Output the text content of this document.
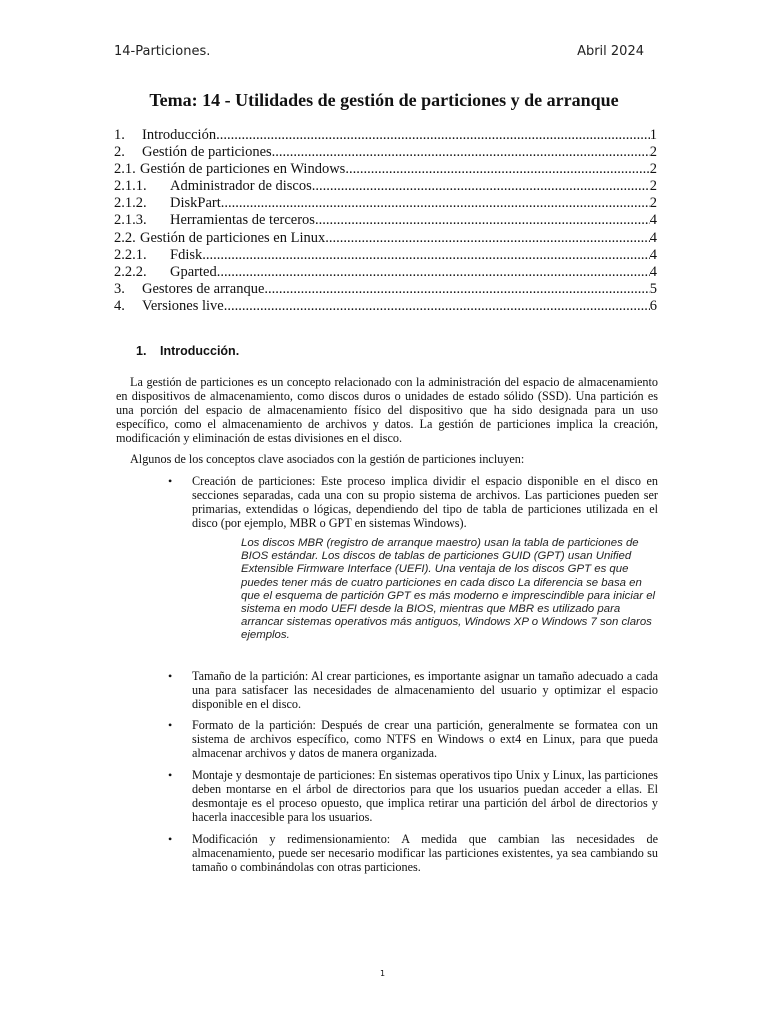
14-Particiones.	Abril 2024
Tema: 14 - Utilidades de gestión de particiones y de arranque
1.	Introducción .....	1
2.	Gestión de particiones .....	2
2.1. Gestión de particiones en Windows .....	2
2.1.1.	Administrador de discos .....	2
2.1.2.	DiskPart .....	2
2.1.3.	Herramientas de terceros .....	4
2.2. Gestión de particiones en Linux .....	4
2.2.1.	Fdisk .....	4
2.2.2.	Gparted .....	4
3.	Gestores de arranque .....	5
4.	Versiones live .....	6
1. Introducción.
La gestión de particiones es un concepto relacionado con la administración del espacio de almacenamiento en dispositivos de almacenamiento, como discos duros o unidades de estado sólido (SSD). Una partición es una porción del espacio de almacenamiento físico del dispositivo que ha sido designada para un uso específico, como el almacenamiento de archivos y datos. La gestión de particiones implica la creación, modificación y eliminación de estas divisiones en el disco.
Algunos de los conceptos clave asociados con la gestión de particiones incluyen:
•	Creación de particiones: Este proceso implica dividir el espacio disponible en el disco en secciones separadas, cada una con su propio sistema de archivos. Las particiones pueden ser primarias, extendidas o lógicas, dependiendo del tipo de tabla de particiones utilizada en el disco (por ejemplo, MBR o GPT en sistemas Windows).
Los discos MBR (registro de arranque maestro) usan la tabla de particiones de BIOS estándar. Los discos de tablas de particiones GUID (GPT) usan Unified Extensible Firmware Interface (UEFI). Una ventaja de los discos GPT es que puedes tener más de cuatro particiones en cada disco La diferencia se basa en que el esquema de partición GPT es más moderno e imprescindible para iniciar el sistema en modo UEFI desde la BIOS, mientras que MBR es utilizado para arrancar sistemas operativos más antiguos, Windows XP o Windows 7 son claros ejemplos.
•	Tamaño de la partición: Al crear particiones, es importante asignar un tamaño adecuado a cada una para satisfacer las necesidades de almacenamiento del usuario y optimizar el espacio disponible en el disco.
•	Formato de la partición: Después de crear una partición, generalmente se formatea con un sistema de archivos específico, como NTFS en Windows o ext4 en Linux, para que pueda almacenar archivos y datos de manera organizada.
•	Montaje y desmontaje de particiones: En sistemas operativos tipo Unix y Linux, las particiones deben montarse en el árbol de directorios para que los usuarios puedan acceder a ellas. El desmontaje es el proceso opuesto, que implica retirar una partición del árbol de directorios y hacerla inaccesible para los usuarios.
•	Modificación y redimensionamiento: A medida que cambian las necesidades de almacenamiento, puede ser necesario modificar las particiones existentes, ya sea cambiando su tamaño o combinándolas con otras particiones.
1
